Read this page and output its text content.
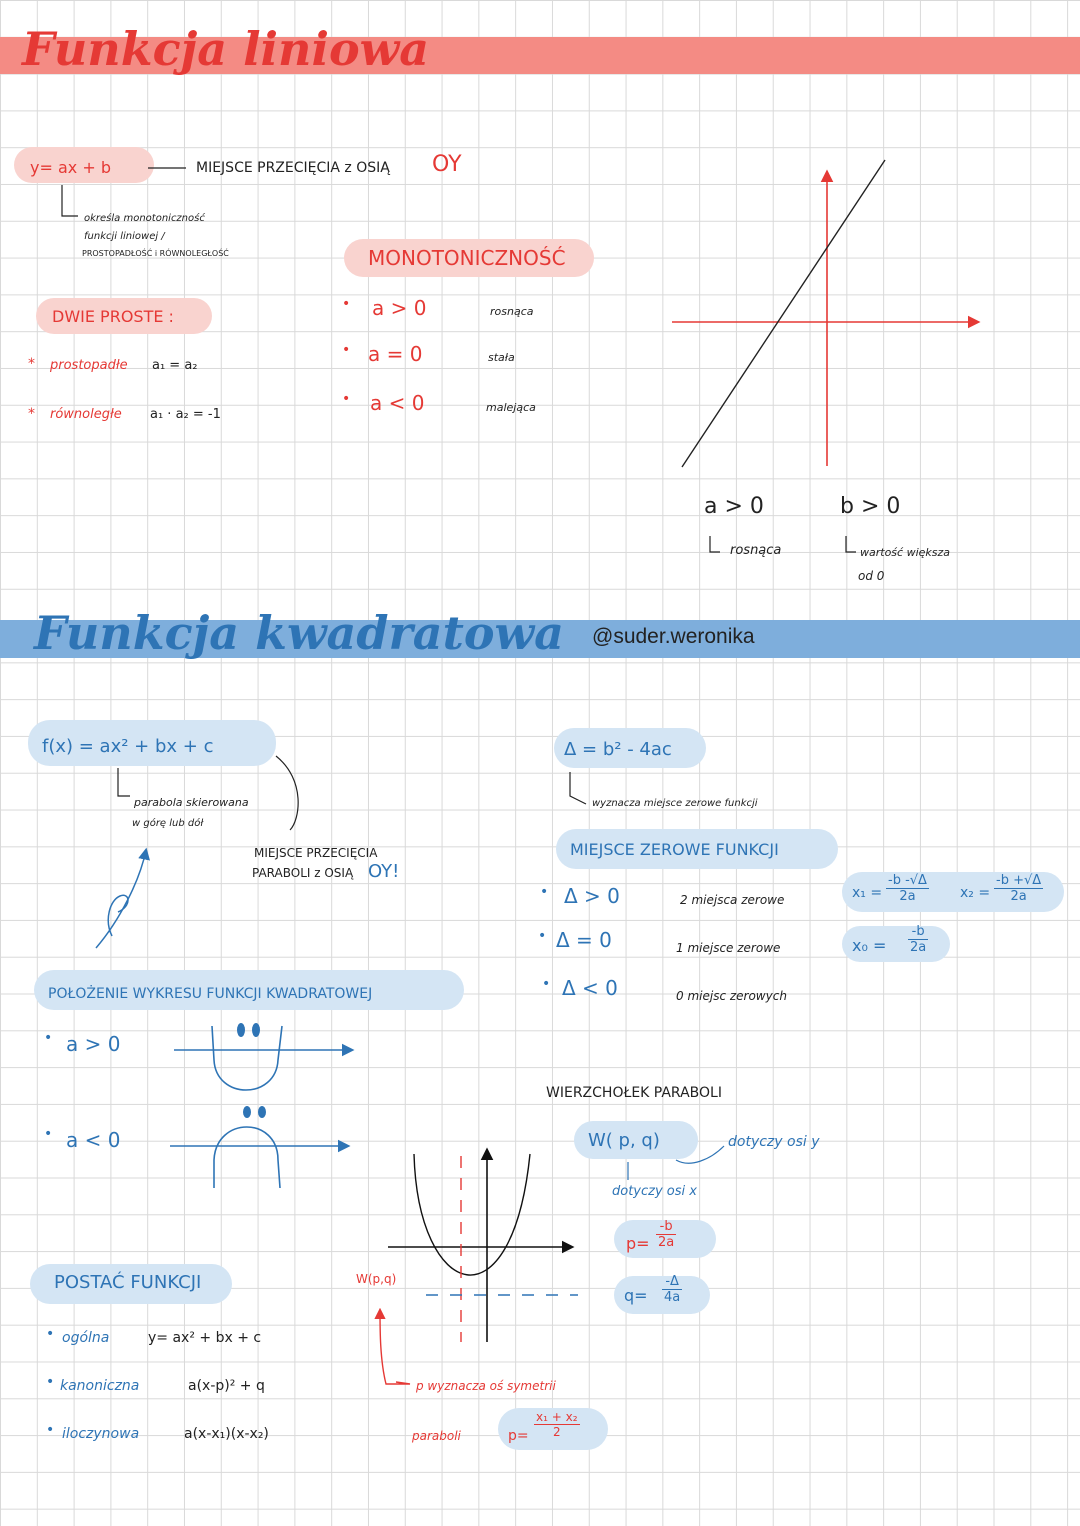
Funkcja liniowa
y= ax + b	MIEJSCE PRZECIĘCIA z OSIĄ OY
określa monotoniczność
funkcji liniowej /
PROSTOPADŁOŚĆ i RÓWNOLEGŁOŚĆ
DWIE PROSTE :
* prostopadłe a₁ = a₂
* równoległe a₁ · a₂ = -1
MONOTONICZNOŚĆ
• a > 0	rosnąca
• a = 0	stała
• a < 0	malejąca
a > 0
rosnąca
b > 0
wartość większa
od 0
Funkcja kwadratowa @suder.weronika
f(x) = ax² + bx + c
parabola skierowana
w górę lub dół
MIEJSCE PRZECIĘCIA
PARABOLI z OSIĄ OY!
POŁOŻENIE WYKRESU FUNKCJI KWADRATOWEJ
• a > 0
• a < 0
POSTAĆ FUNKCJI
• ogólna	y= ax² + bx + c
• kanoniczna	a(x-p)² + q
• iloczynowa	a(x-x₁)(x-x₂)
W(p,q)
p wyznacza oś symetrii
paraboli	$p= \frac{\text{x₁ + x₂}}{2}$
Δ = b² - 4ac
wyznacza miejsce zerowe funkcji
MIEJSCE ZEROWE FUNKCJI
• Δ > 0	2 miejsca zerowe
• Δ = 0	1 miejsce zerowe
• Δ < 0	0 miejsc zerowych
$x_1 = \frac{-b -√\Delta}{2a} x_2 = \frac{-b +√\Delta}{2a}$
$x_0 = \frac{-b}{2a}$
WIERZCHOŁEK PARABOLI
W( p, q)	dotyczy osi y
dotyczy osi x
$p= \frac{-b}{2a}$
$q= \frac{-\Delta}{4a}$
